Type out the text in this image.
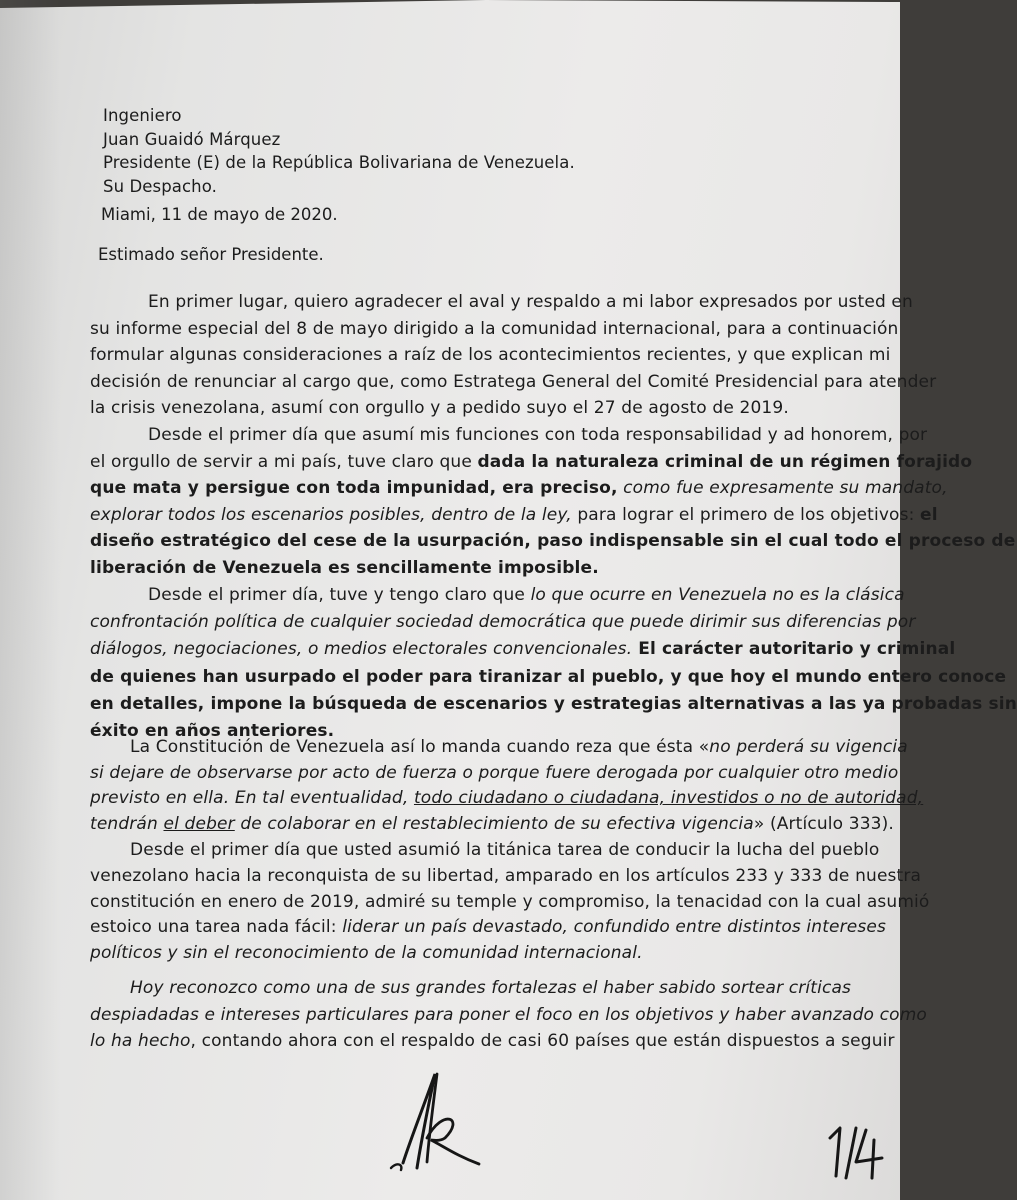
Ingeniero
Juan Guaidó Márquez
Presidente (E) de la República Bolivariana de Venezuela.
Su Despacho.
Miami, 11 de mayo de 2020.
Estimado señor Presidente.
En primer lugar, quiero agradecer el aval y respaldo a mi labor expresados por usted en
su informe especial del 8 de mayo dirigido a la comunidad internacional, para a continuación
formular algunas consideraciones a raíz de los acontecimientos recientes, y que explican mi
decisión de renunciar al cargo que, como Estratega General del Comité Presidencial para atender
la crisis venezolana, asumí con orgullo y a pedido suyo el 27 de agosto de 2019.
Desde el primer día que asumí mis funciones con toda responsabilidad y ad honorem, por
el orgullo de servir a mi país, tuve claro que dada la naturaleza criminal de un régimen forajido
que mata y persigue con toda impunidad, era preciso, como fue expresamente su mandato,
explorar todos los escenarios posibles, dentro de la ley, para lograr el primero de los objetivos: el
diseño estratégico del cese de la usurpación, paso indispensable sin el cual todo el proceso de
liberación de Venezuela es sencillamente imposible.
Desde el primer día, tuve y tengo claro que lo que ocurre en Venezuela no es la clásica
confrontación política de cualquier sociedad democrática que puede dirimir sus diferencias por
diálogos, negociaciones, o medios electorales convencionales. El carácter autoritario y criminal
de quienes han usurpado el poder para tiranizar al pueblo, y que hoy el mundo entero conoce
en detalles, impone la búsqueda de escenarios y estrategias alternativas a las ya probadas sin
éxito en años anteriores.
La Constitución de Venezuela así lo manda cuando reza que ésta «no perderá su vigencia
si dejare de observarse por acto de fuerza o porque fuere derogada por cualquier otro medio
previsto en ella. En tal eventualidad, todo ciudadano o ciudadana, investidos o no de autoridad,
tendrán el deber de colaborar en el restablecimiento de su efectiva vigencia» (Artículo 333).
Desde el primer día que usted asumió la titánica tarea de conducir la lucha del pueblo
venezolano hacia la reconquista de su libertad, amparado en los artículos 233 y 333 de nuestra
constitución en enero de 2019, admiré su temple y compromiso, la tenacidad con la cual asumió
estoico una tarea nada fácil: liderar un país devastado, confundido entre distintos intereses
políticos y sin el reconocimiento de la comunidad internacional.
Hoy reconozco como una de sus grandes fortalezas el haber sabido sortear críticas
despiadadas e intereses particulares para poner el foco en los objetivos y haber avanzado como
lo ha hecho, contando ahora con el respaldo de casi 60 países que están dispuestos a seguir
